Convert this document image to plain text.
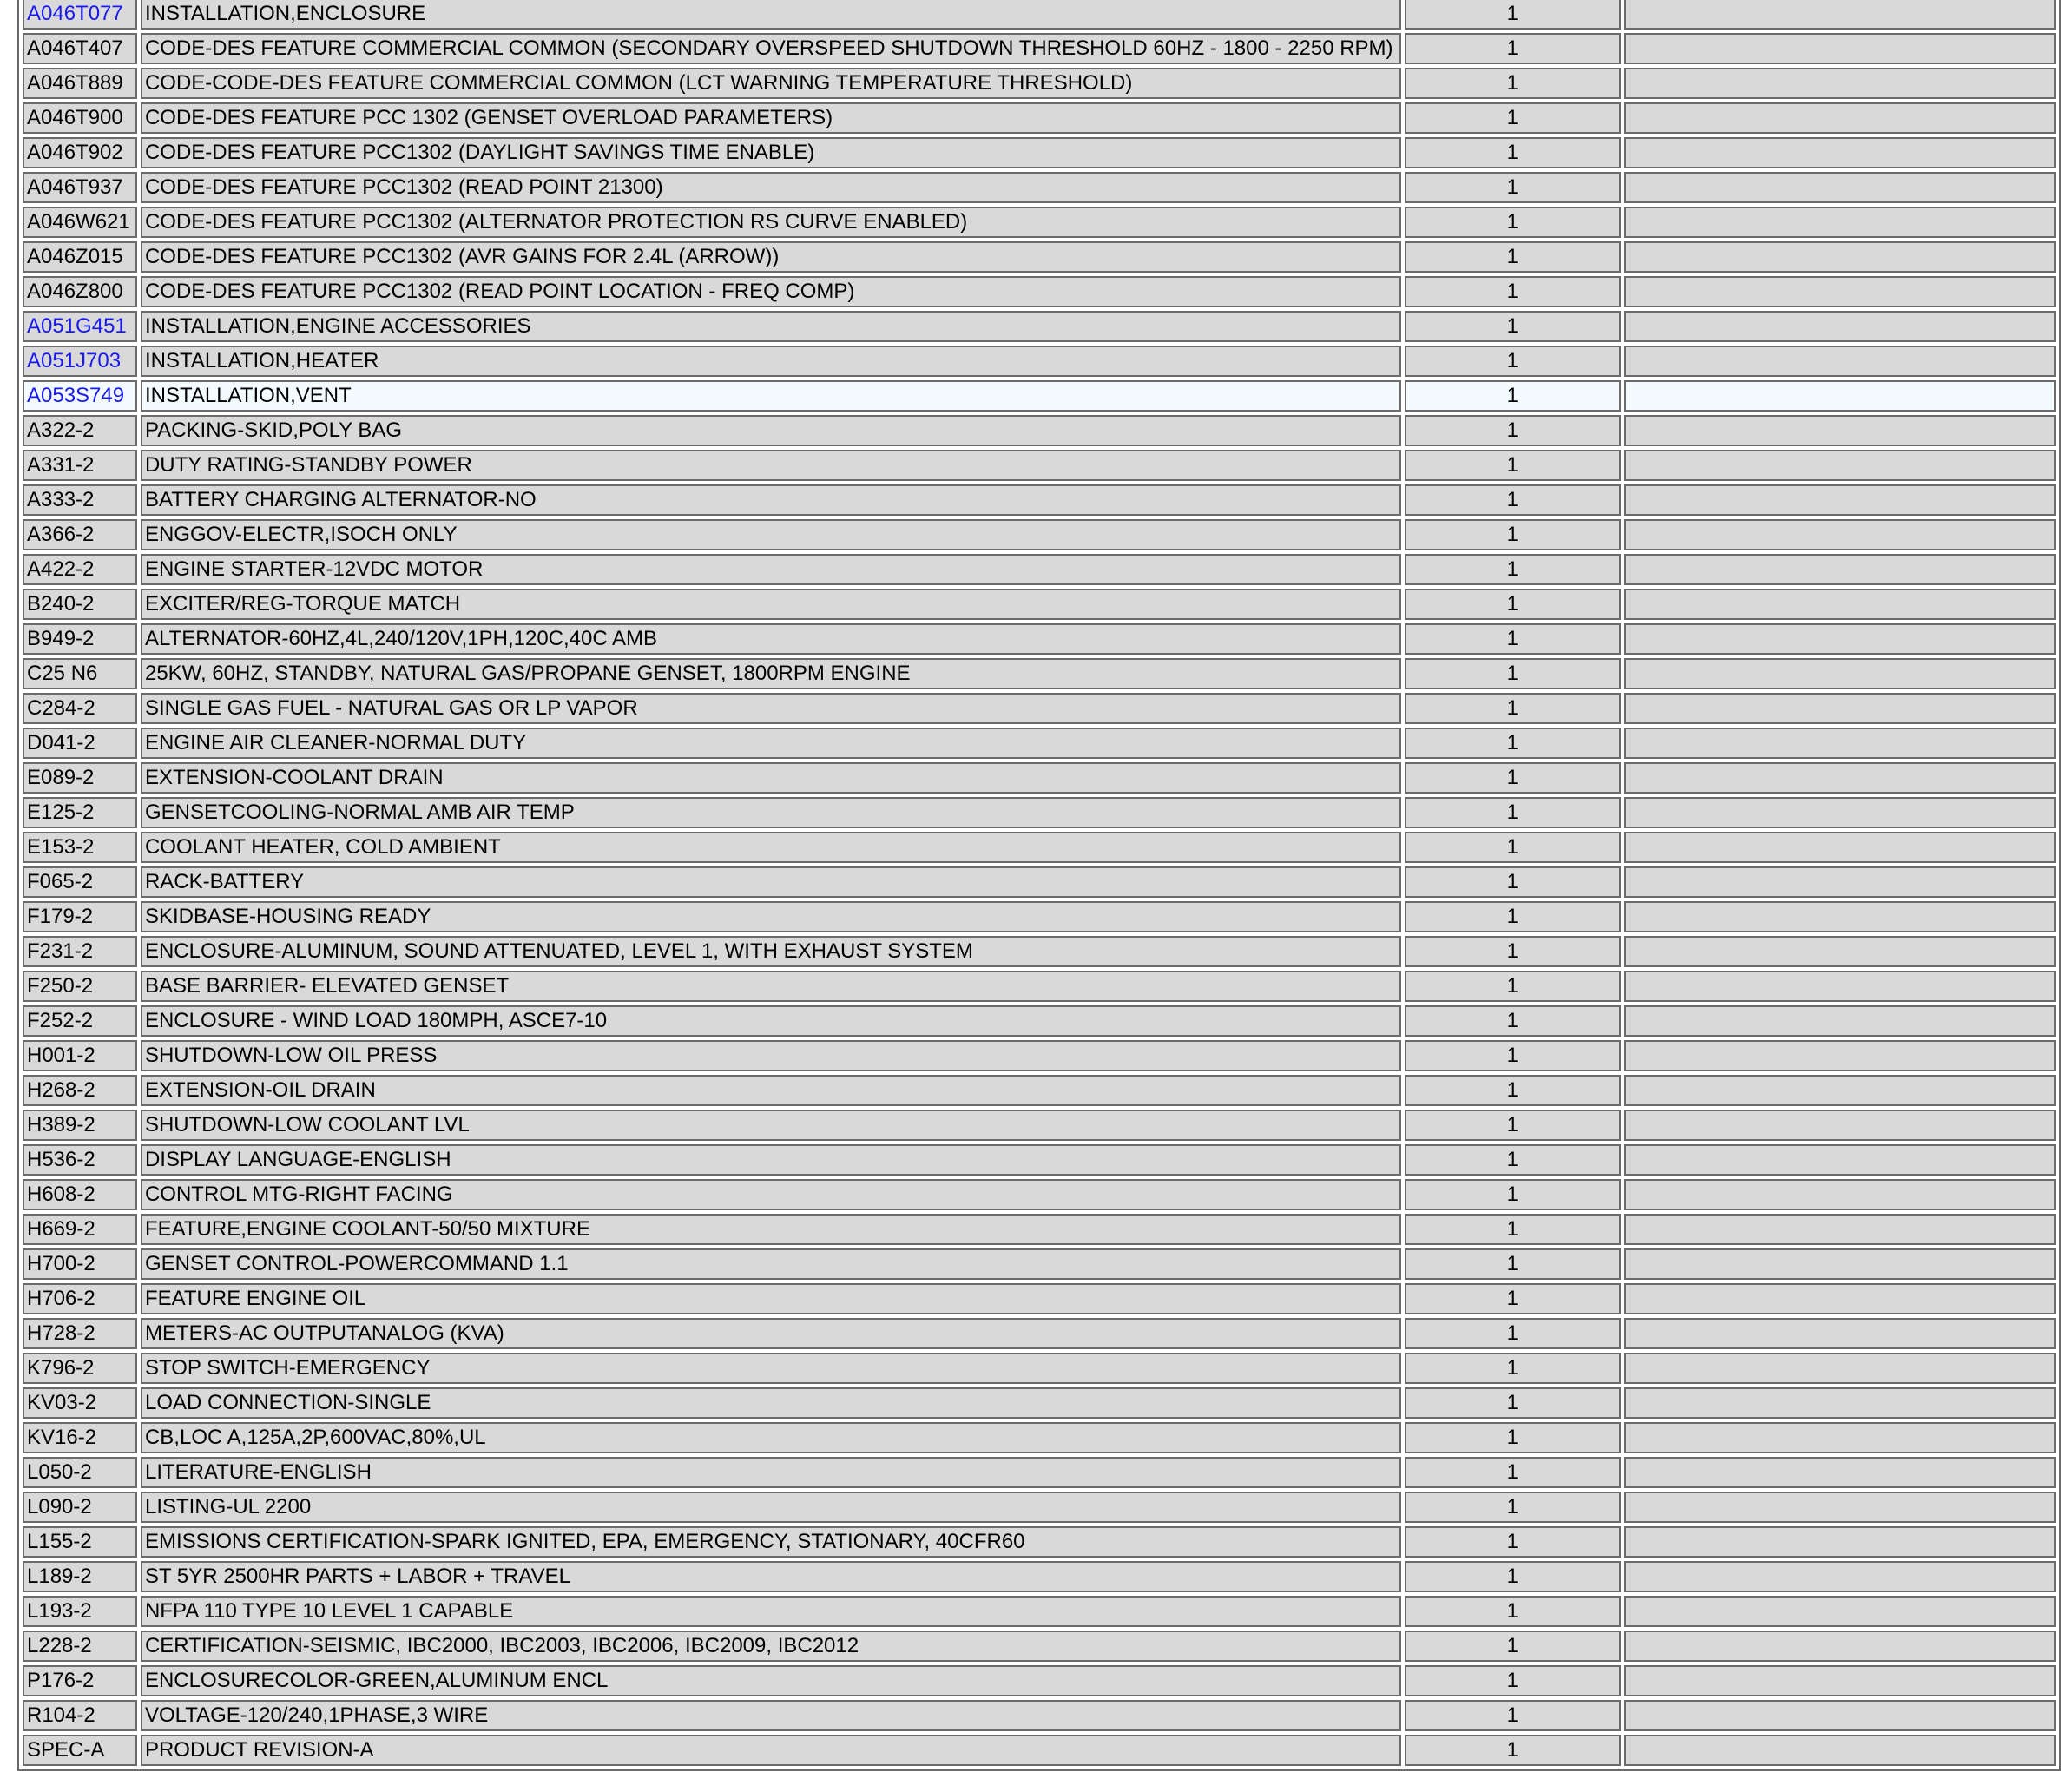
A046T077	INSTALLATION,ENCLOSURE	1	
A046T407	CODE-DES FEATURE COMMERCIAL COMMON (SECONDARY OVERSPEED SHUTDOWN THRESHOLD 60HZ - 1800 - 2250 RPM)	1	
A046T889	CODE-CODE-DES FEATURE COMMERCIAL COMMON (LCT WARNING TEMPERATURE THRESHOLD)	1	
A046T900	CODE-DES FEATURE PCC 1302 (GENSET OVERLOAD PARAMETERS)	1	
A046T902	CODE-DES FEATURE PCC1302 (DAYLIGHT SAVINGS TIME ENABLE)	1	
A046T937	CODE-DES FEATURE PCC1302 (READ POINT 21300)	1	
A046W621	CODE-DES FEATURE PCC1302 (ALTERNATOR PROTECTION RS CURVE ENABLED)	1	
A046Z015	CODE-DES FEATURE PCC1302 (AVR GAINS FOR 2.4L (ARROW))	1	
A046Z800	CODE-DES FEATURE PCC1302 (READ POINT LOCATION - FREQ COMP)	1	
A051G451	INSTALLATION,ENGINE ACCESSORIES	1	
A051J703	INSTALLATION,HEATER	1	
A053S749	INSTALLATION,VENT	1	
A322-2	PACKING-SKID,POLY BAG	1	
A331-2	DUTY RATING-STANDBY POWER	1	
A333-2	BATTERY CHARGING ALTERNATOR-NO	1	
A366-2	ENGGOV-ELECTR,ISOCH ONLY	1	
A422-2	ENGINE STARTER-12VDC MOTOR	1	
B240-2	EXCITER/REG-TORQUE MATCH	1	
B949-2	ALTERNATOR-60HZ,4L,240/120V,1PH,120C,40C AMB	1	
C25 N6	25KW, 60HZ, STANDBY, NATURAL GAS/PROPANE GENSET, 1800RPM ENGINE	1	
C284-2	SINGLE GAS FUEL - NATURAL GAS OR LP VAPOR	1	
D041-2	ENGINE AIR CLEANER-NORMAL DUTY	1	
E089-2	EXTENSION-COOLANT DRAIN	1	
E125-2	GENSETCOOLING-NORMAL AMB AIR TEMP	1	
E153-2	COOLANT HEATER, COLD AMBIENT	1	
F065-2	RACK-BATTERY	1	
F179-2	SKIDBASE-HOUSING READY	1	
F231-2	ENCLOSURE-ALUMINUM, SOUND ATTENUATED, LEVEL 1, WITH EXHAUST SYSTEM	1	
F250-2	BASE BARRIER- ELEVATED GENSET	1	
F252-2	ENCLOSURE - WIND LOAD 180MPH, ASCE7-10	1	
H001-2	SHUTDOWN-LOW OIL PRESS	1	
H268-2	EXTENSION-OIL DRAIN	1	
H389-2	SHUTDOWN-LOW COOLANT LVL	1	
H536-2	DISPLAY LANGUAGE-ENGLISH	1	
H608-2	CONTROL MTG-RIGHT FACING	1	
H669-2	FEATURE,ENGINE COOLANT-50/50 MIXTURE	1	
H700-2	GENSET CONTROL-POWERCOMMAND 1.1	1	
H706-2	FEATURE ENGINE OIL	1	
H728-2	METERS-AC OUTPUTANALOG (KVA)	1	
K796-2	STOP SWITCH-EMERGENCY	1	
KV03-2	LOAD CONNECTION-SINGLE	1	
KV16-2	CB,LOC A,125A,2P,600VAC,80%,UL	1	
L050-2	LITERATURE-ENGLISH	1	
L090-2	LISTING-UL 2200	1	
L155-2	EMISSIONS CERTIFICATION-SPARK IGNITED, EPA, EMERGENCY, STATIONARY, 40CFR60	1	
L189-2	ST 5YR 2500HR PARTS + LABOR + TRAVEL	1	
L193-2	NFPA 110 TYPE 10 LEVEL 1 CAPABLE	1	
L228-2	CERTIFICATION-SEISMIC, IBC2000, IBC2003, IBC2006, IBC2009, IBC2012	1	
P176-2	ENCLOSURECOLOR-GREEN,ALUMINUM ENCL	1	
R104-2	VOLTAGE-120/240,1PHASE,3 WIRE	1	
SPEC-A	PRODUCT REVISION-A	1	
